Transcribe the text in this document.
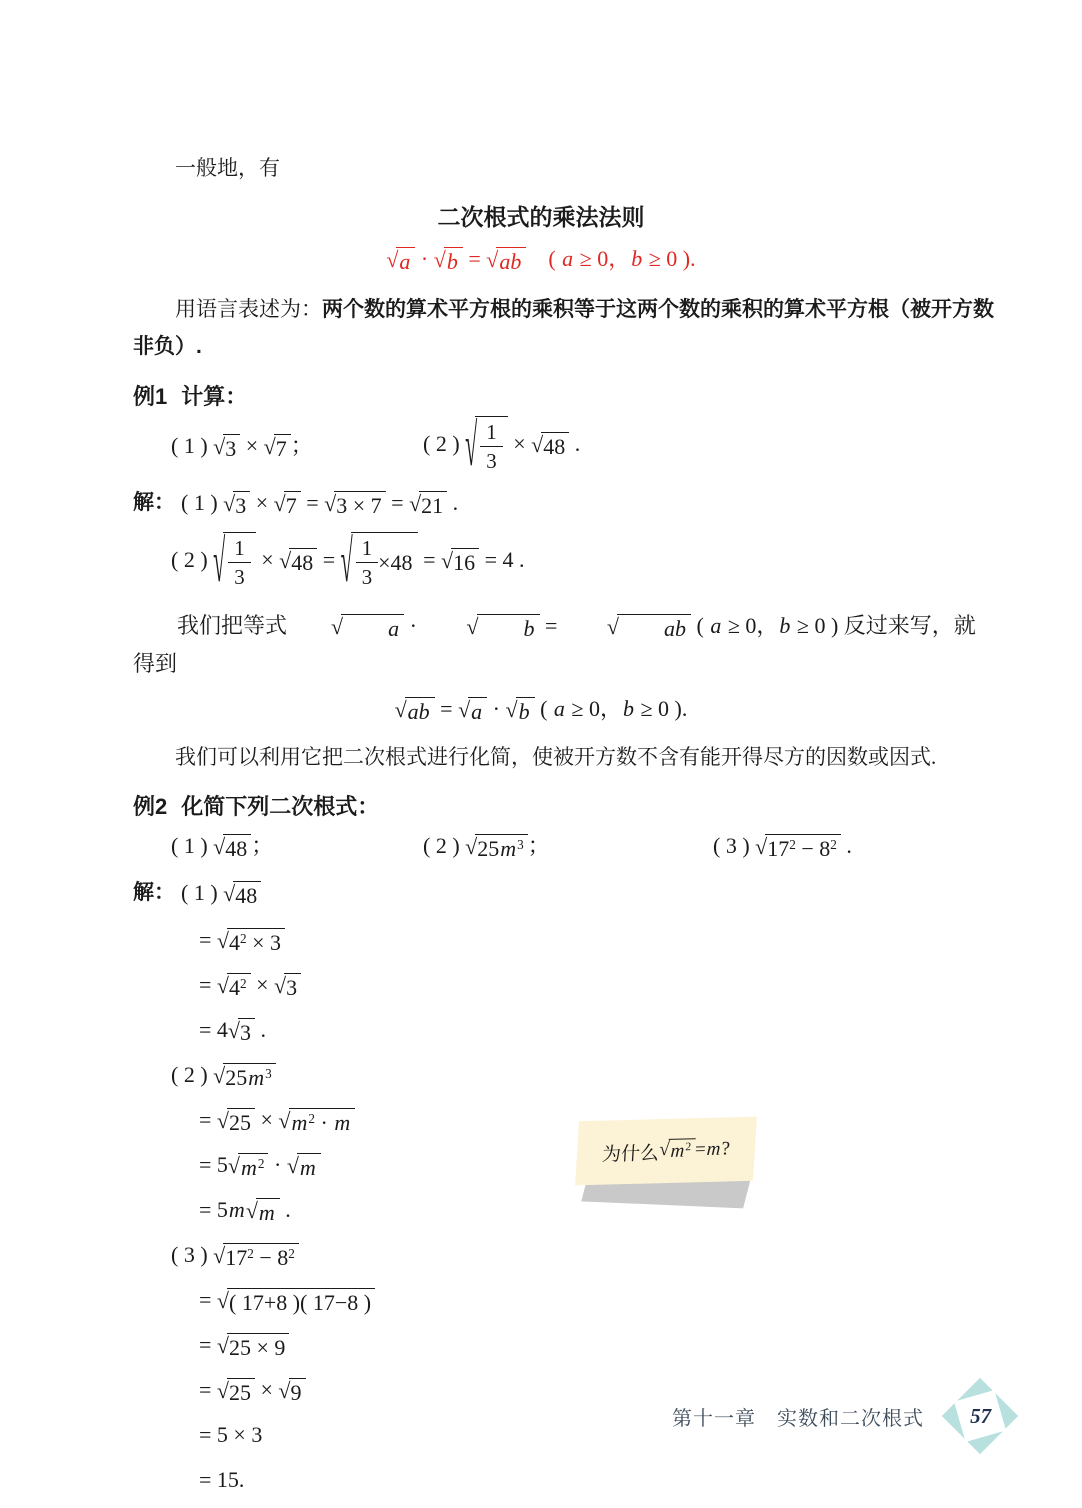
一般地，有
二次根式的乘法法则
√ a · √ b = √ ab 　( a ≥ 0，b ≥ 0 ).

用语言表述为：两个数的算术平方根的乘积等于这两个数的乘积的算术平方根（被开方数非负）.

例1 计算：
( 1 ) √ 3 × √ 7 ；	( 2 ) √ $\frac{1}{3}$ × √ 48 .
解： ( 1 ) √ 3 × √ 7 = √ 3 × 7 = √ 21 .
( 2 ) √ $\frac{1}{3}$ × √ 48 = √ $\frac{1}{3} \times 48$ = √ 16 = 4 .
我们把等式	√	a ·	√	b =	√	ab ( a ≥ 0，b ≥ 0 ) 反过来写，就得到
√ ab = √ a · √ b ( a ≥ 0，b ≥ 0 ).

我们可以利用它把二次根式进行化简，使被开方数不含有能开得尽方的因数或因式.

例2 化简下列二次根式：
( 1 ) √ 48 ；	( 2 ) √ $25m^3$ ；	( 3 ) √ $17^2 - 8^2$ .
解： ( 1 ) √ 48
= √ $4^2 \times 3$
= √ $4^2$ × √ 3
= 4 √ 3 .
( 2 ) √ $25m^3$
= √ 25 × √ $m^2 \cdot m$
= 5 √ $m^2$ · √ m
= 5m √ m .
为什么
√ $m^2 = m$ ?
( 3 ) √ $17^2 - 8^2$
= √ ( 17+8 )( 17−8 )
= √ 25 × 9
= √ 25 × √ 9
= 5 × 3
= 15.
第十一章　实数和二次根式 57
